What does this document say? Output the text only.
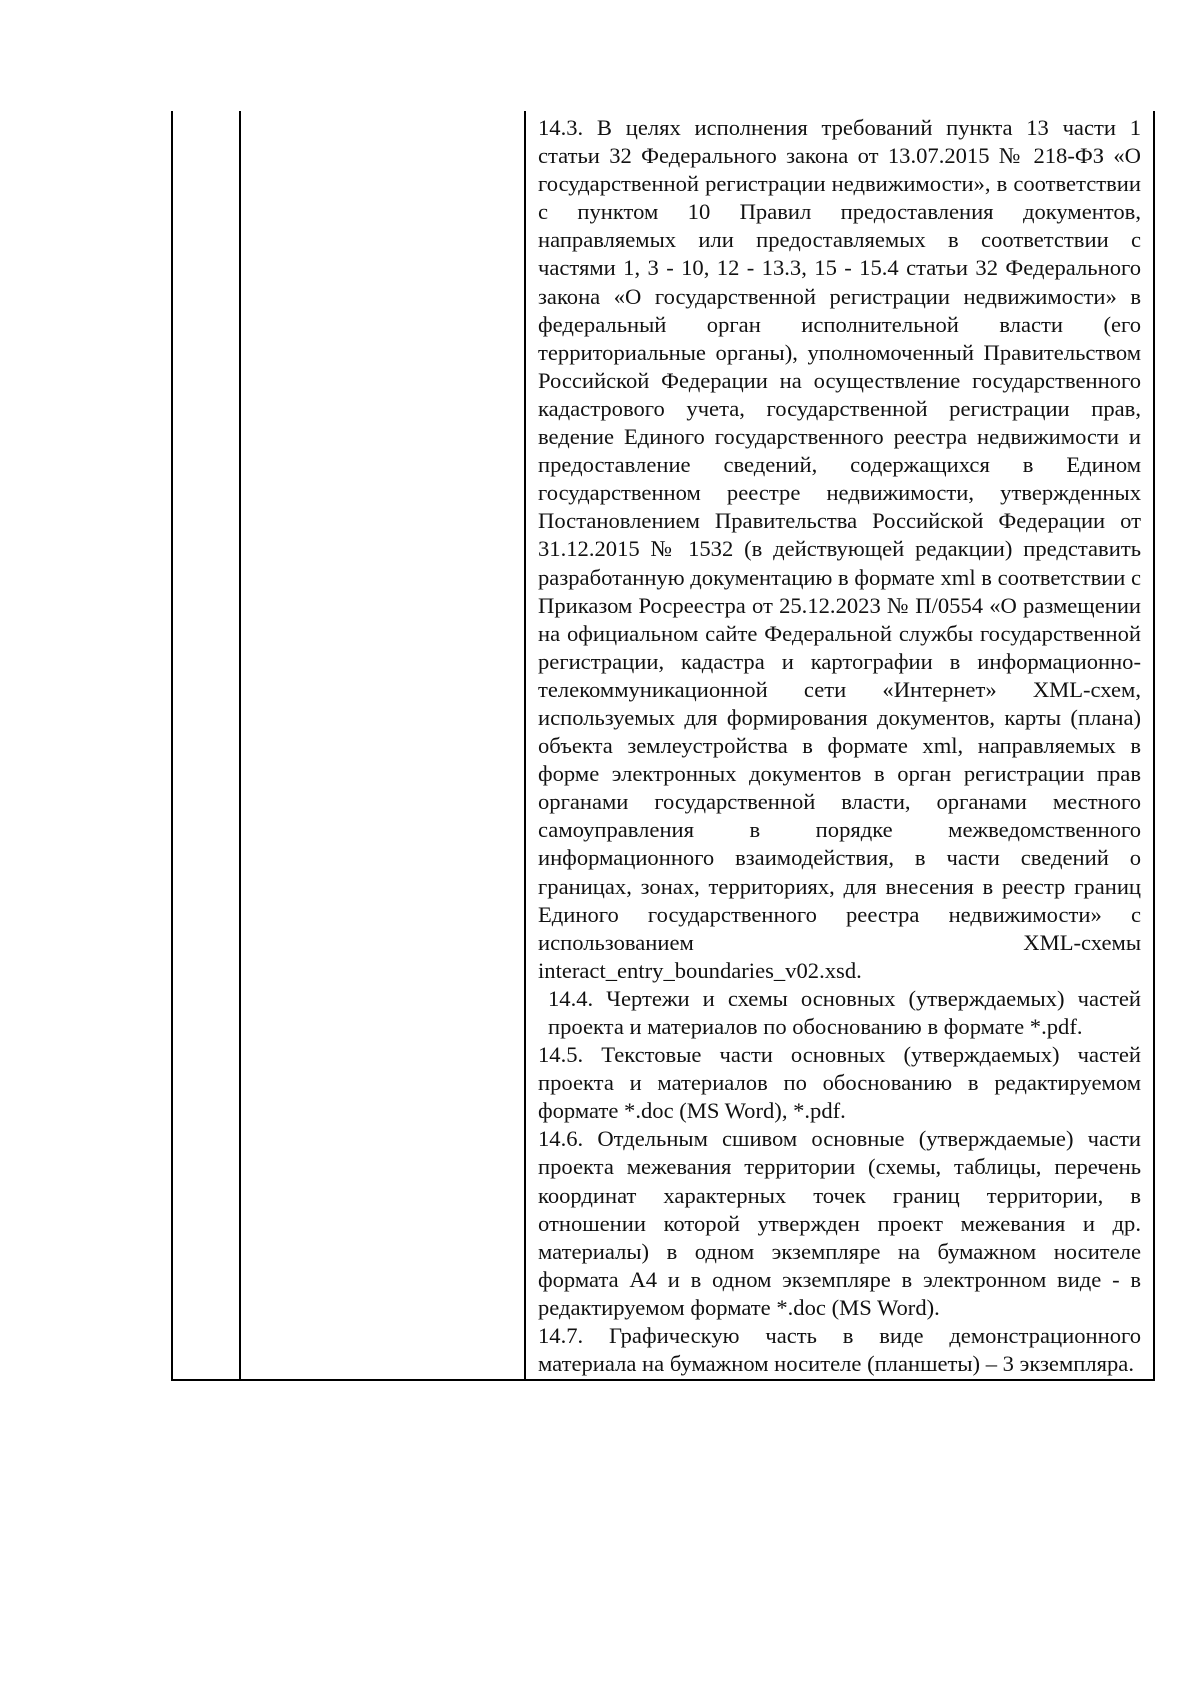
14.3. В целях исполнения требований пункта 13 части 1 статьи 32 Федерального закона от 13.07.2015 № 218-ФЗ «О государственной регистрации недвижимости», в соответствии с пунктом 10 Правил предоставления документов, направляемых или предоставляемых в соответствии с частями 1, 3 - 10, 12 - 13.3, 15 - 15.4 статьи 32 Федерального закона «О государственной регистрации недвижимости» в федеральный орган исполнительной власти (его территориальные органы), уполномоченный Правительством Российской Федерации на осуществление государственного кадастрового учета, государственной регистрации прав, ведение Единого государственного реестра недвижимости и предоставление сведений, содержащихся в Едином государственном реестре недвижимости, утвержденных Постановлением Правительства Российской Федерации от 31.12.2015 № 1532 (в действующей редакции) представить разработанную документацию в формате xml в соответствии с Приказом Росреестра от 25.12.2023 № П/0554 «О размещении на официальном сайте Федеральной службы государственной регистрации, кадастра и картографии в информационно-телекоммуникационной сети «Интернет» XML-схем, используемых для формирования документов, карты (плана) объекта землеустройства в формате xml, направляемых в форме электронных документов в орган регистрации прав органами государственной власти, органами местного самоуправления в порядке межведомственного информационного взаимодействия, в части сведений о границах, зонах, территориях, для внесения в реестр границ Единого государственного реестра недвижимости» с использованием XML-схемы interact_entry_boundaries_v02.xsd.

14.4. Чертежи и схемы основных (утверждаемых) частей проекта и материалов по обоснованию в формате *.pdf.

14.5. Текстовые части основных (утверждаемых) частей проекта и материалов по обоснованию в редактируемом формате *.doc (MS Word), *.pdf.

14.6. Отдельным сшивом основные (утверждаемые) части проекта межевания территории (схемы, таблицы, перечень координат характерных точек границ территории, в отношении которой утвержден проект межевания и др. материалы) в одном экземпляре на бумажном носителе формата А4 и в одном экземпляре в электронном виде - в редактируемом формате *.doc (MS Word).

14.7. Графическую часть в виде демонстрационного материала на бумажном носителе (планшеты) – 3 экземпляра.
